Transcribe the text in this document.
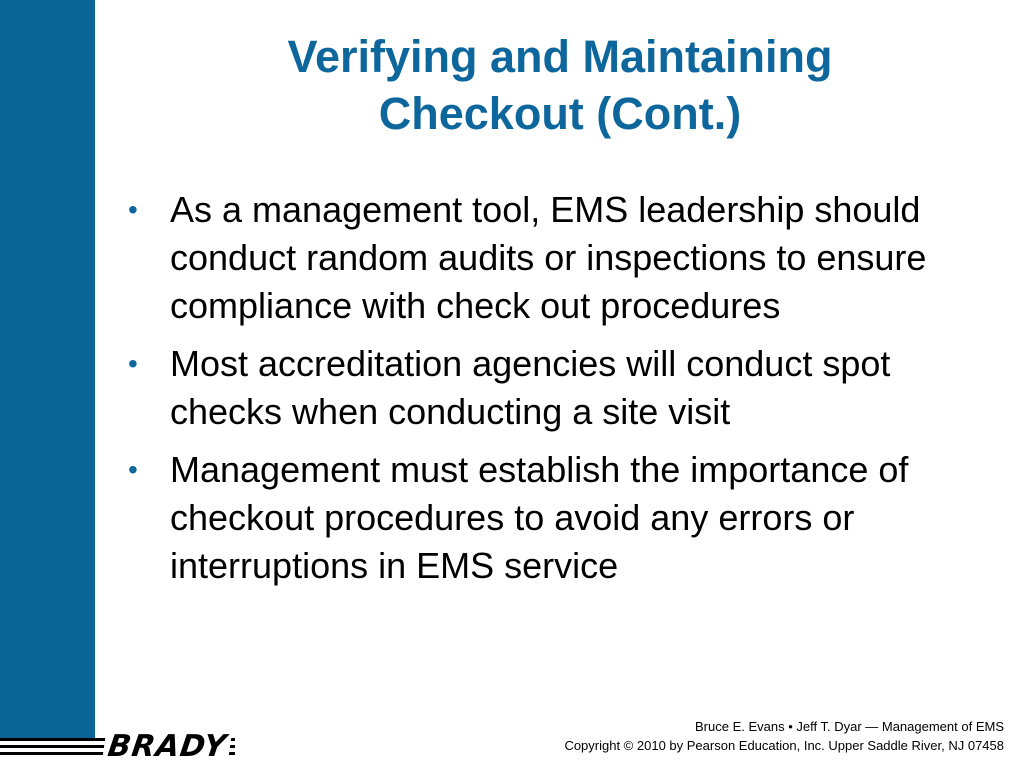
Verifying and Maintaining
Checkout (Cont.)
• As a management tool, EMS leadership should conduct random audits or inspections to ensure compliance with check out procedures
• Most accreditation agencies will conduct spot checks when conducting a site visit
• Management must establish the importance of checkout procedures to avoid any errors or interruptions in EMS service
BRADY
Bruce E. Evans • Jeff T. Dyar — Management of EMS
Copyright © 2010 by Pearson Education, Inc. Upper Saddle River, NJ 07458
